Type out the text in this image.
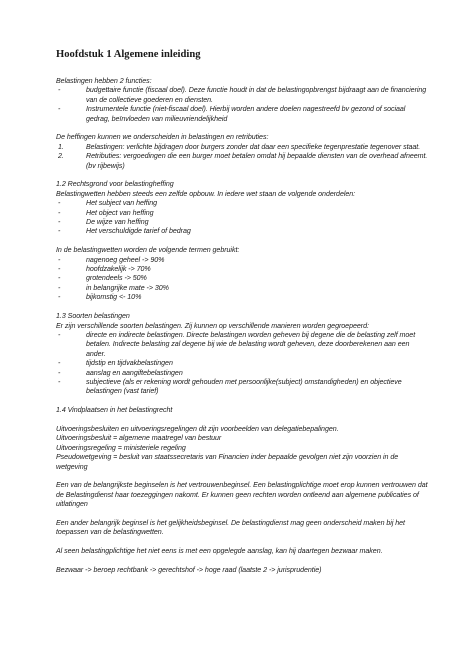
Hoofdstuk 1 Algemene inleiding

Belastingen hebben 2 functies:

- budgettaire functie (fiscaal doel). Deze functie houdt in dat de belastingopbrengst bijdraagt aan de financiering van de collectieve goederen en diensten.
- Instrumentele functie (niet-fiscaal doel). Hierbij worden andere doelen nagestreefd bv gezond of sociaal gedrag, beïnvloeden van milieuvriendelijkheid

De heffingen kunnen we onderscheiden in belastingen en retributies:

1.	Belastingen: verlichte bijdragen door burgers zonder dat daar een specifieke tegenprestatie tegenover staat.
2.	Retributies: vergoedingen die een burger moet betalen omdat hij bepaalde diensten van de overhead afneemt. (bv rijbewijs)

1.2 Rechtsgrond voor belastingheffing

Belastingwetten hebben steeds een zelfde opbouw. In iedere wet staan de volgende onderdelen:

- Het subject van heffing
- Het object van heffing
- De wijze van heffing
- Het verschuldigde tarief of bedrag

In de belastingwetten worden de volgende termen gebruikt:

- nagenoeg geheel -> 90%
- hoofdzakelijk -> 70%
- grotendeels -> 50%
- in belangrijke mate -> 30%
- bijkomstig <- 10%

1.3 Soorten belastingen

Er zijn verschillende soorten belastingen. Zij kunnen op verschillende manieren worden gegroepeerd:

- directe en indirecte belastingen. Directe belastingen worden geheven bij degene die de belasting zelf moet betalen. Indirecte belasting zal degene bij wie de belasting wordt geheven, deze doorberekenen aan een ander.
- tijdstip en tijdvakbelastingen
- aanslag en aangiftebelastingen
- subjectieve (als er rekening wordt gehouden met persoonlijke(subject) omstandigheden) en objectieve belastingen (vast tarief)

1.4 Vindplaatsen in het belastingrecht

Uitvoeringsbesluiten en uitvoeringsregelingen dit zijn voorbeelden van delegatiebepalingen.

Uitvoeringsbesluit = algemene maatregel van bestuur

Uitvoeringsregeling = ministeriele regeling

Pseudowetgeving = besluit van staatssecretaris van Financien inder bepaalde gevolgen niet zijn voorzien in de wetgeving

Een van de belangrijkste beginselen is het vertrouwenbeginsel. Een belastingplichtige moet erop kunnen vertrouwen dat de Belastingdienst haar toezeggingen nakomt. Er kunnen geen rechten worden ontleend aan algemene publicaties of uitlatingen

Een ander belangrijk beginsel is het gelijkheidsbeginsel. De belastingdienst mag geen onderscheid maken bij het toepassen van de belastingwetten.

Al seen belastingplichtige het niet eens is met een opgelegde aanslag, kan hij daartegen bezwaar maken.

Bezwaar -> beroep rechtbank -> gerechtshof -> hoge raad (laatste 2 -> jurisprudentie)
